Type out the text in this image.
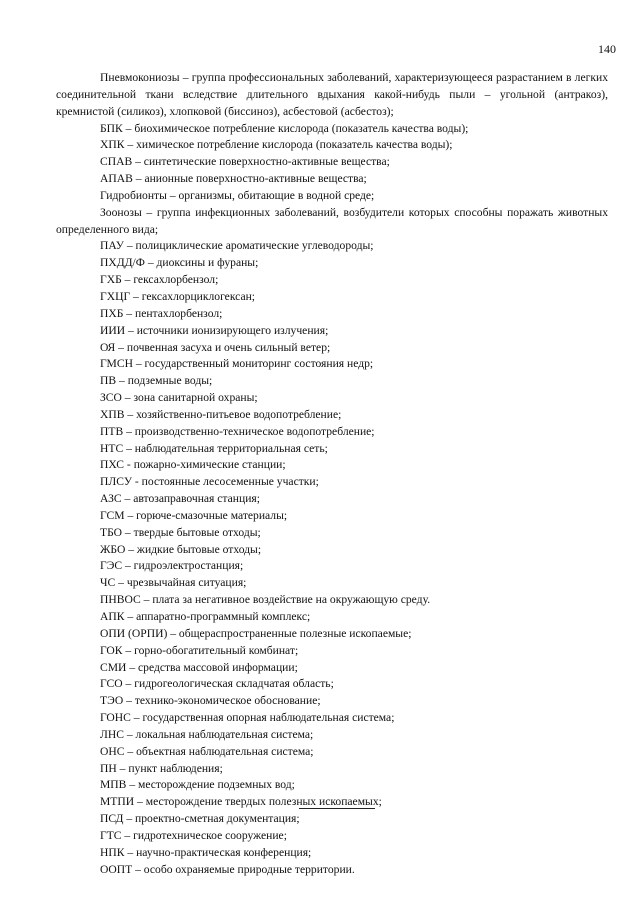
140

Пневмокониозы – группа профессиональных заболеваний, характеризующееся разрастанием в легких соединительной ткани вследствие длительного вдыхания какой-нибудь пыли – угольной (антракоз), кремнистой (силикоз), хлопковой (биссиноз), асбестовой (асбестоз);

БПК – биохимическое потребление кислорода (показатель качества воды);

ХПК – химическое потребление кислорода (показатель качества воды);

СПАВ – синтетические поверхностно-активные вещества;

АПАВ – анионные поверхностно-активные вещества;

Гидробионты – организмы, обитающие в водной среде;

Зоонозы – группа инфекционных заболеваний, возбудители которых способны поражать животных определенного вида;

ПАУ – полициклические ароматические углеводороды;

ПХДД/Ф – диоксины и фураны;

ГХБ – гексахлорбензол;

ГХЦГ – гексахлорциклогексан;

ПХБ – пентахлорбензол;

ИИИ – источники ионизирующего излучения;

ОЯ – почвенная засуха и очень сильный ветер;

ГМСН – государственный мониторинг состояния недр;

ПВ – подземные воды;

ЗСО – зона санитарной охраны;

ХПВ – хозяйственно-питьевое водопотребление;

ПТВ – производственно-техническое водопотребление;

НТС – наблюдательная территориальная сеть;

ПХС - пожарно-химические станции;

ПЛСУ - постоянные лесосеменные участки;

АЗС – автозаправочная станция;

ГСМ – горюче-смазочные материалы;

ТБО – твердые бытовые отходы;

ЖБО – жидкие бытовые отходы;

ГЭС – гидроэлектростанция;

ЧС – чрезвычайная ситуация;

ПНВОС – плата за негативное воздействие на окружающую среду.

АПК – аппаратно-программный комплекс;

ОПИ (ОРПИ) – общераспространенные полезные ископаемые;

ГОК – горно-обогатительный комбинат;

СМИ – средства массовой информации;

ГСО – гидрогеологическая складчатая область;

ТЭО – технико-экономическое обоснование;

ГОНС – государственная опорная наблюдательная система;

ЛНС – локальная наблюдательная система;

ОНС – объектная наблюдательная система;

ПН – пункт наблюдения;

МПВ – месторождение подземных вод;

МТПИ – месторождение твердых полезных ископаемых;

ПСД – проектно-сметная документация;

ГТС – гидротехническое сооружение;

НПК – научно-практическая конференция;

ООПТ – особо охраняемые природные территории.
